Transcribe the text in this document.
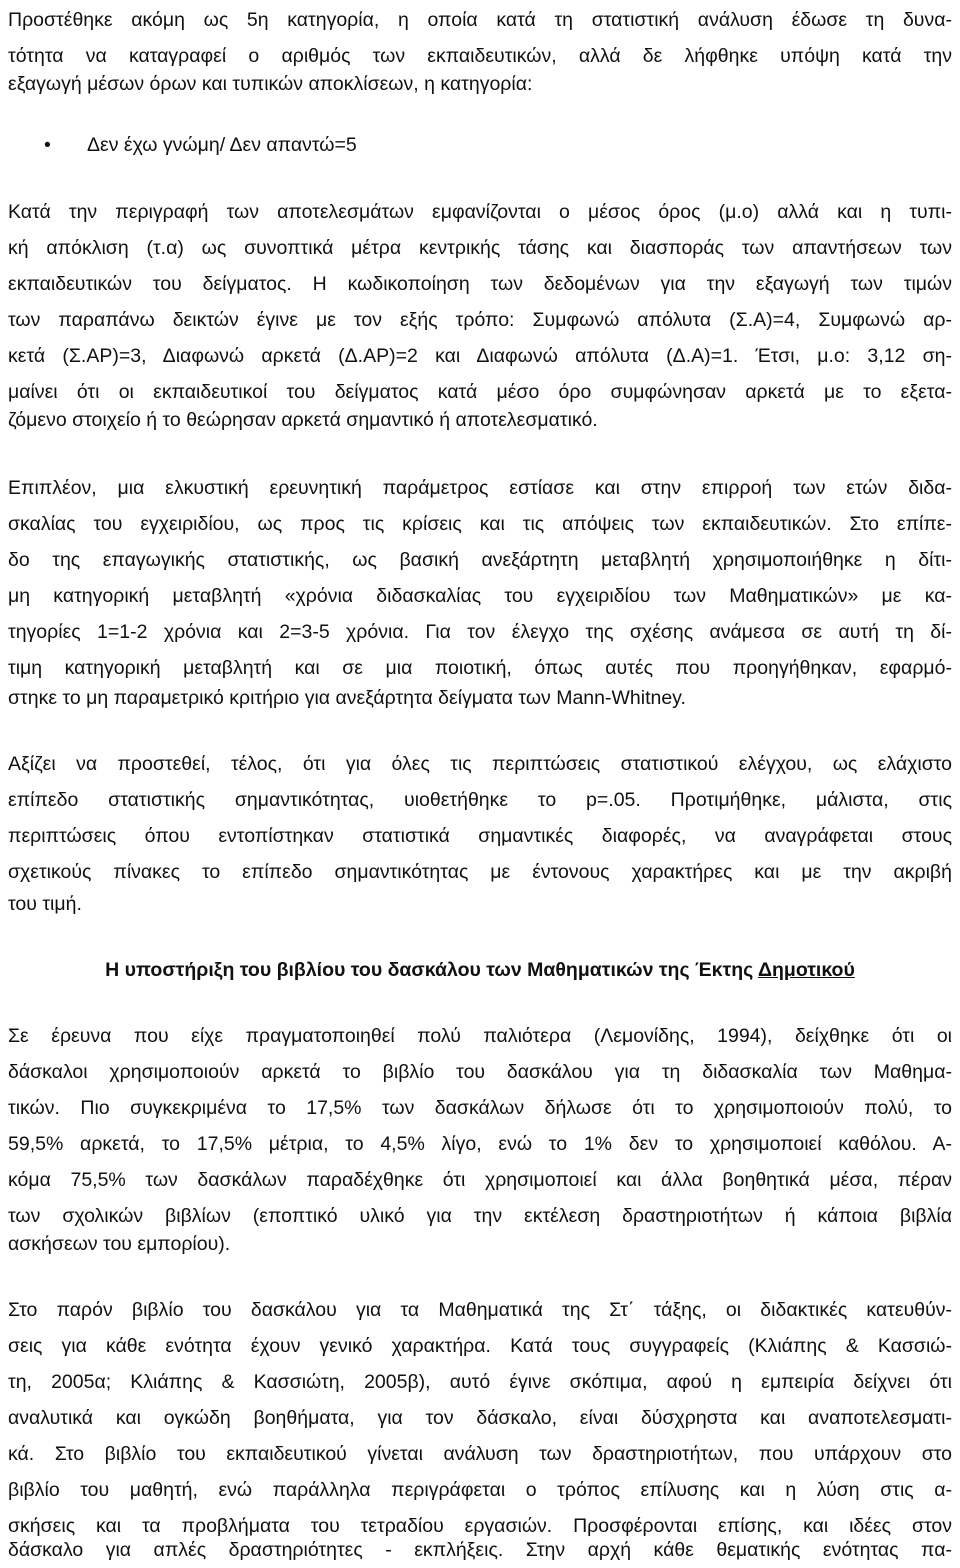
Προστέθηκε ακόμη ως 5η κατηγορία, η οποία κατά τη στατιστική ανάλυση έδωσε τη δυνα-
τότητα να καταγραφεί ο αριθμός των εκπαιδευτικών, αλλά δε λήφθηκε υπόψη κατά την
εξαγωγή μέσων όρων και τυπικών αποκλίσεων, η κατηγορία:
• Δεν έχω γνώμη/ Δεν απαντώ=5
Κατά την περιγραφή των αποτελεσμάτων εμφανίζονται ο μέσος όρος (μ.ο) αλλά και η τυπι-
κή απόκλιση (τ.α) ως συνοπτικά μέτρα κεντρικής τάσης και διασποράς των απαντήσεων των
εκπαιδευτικών του δείγματος. Η κωδικοποίηση των δεδομένων για την εξαγωγή των τιμών
των παραπάνω δεικτών έγινε με τον εξής τρόπο: Συμφωνώ απόλυτα (Σ.Α)=4, Συμφωνώ αρ-
κετά (Σ.ΑΡ)=3, Διαφωνώ αρκετά (Δ.ΑΡ)=2 και Διαφωνώ απόλυτα (Δ.Α)=1. Έτσι, μ.ο: 3,12 ση-
μαίνει ότι οι εκπαιδευτικοί του δείγματος κατά μέσο όρο συμφώνησαν αρκετά με το εξετα-
ζόμενο στοιχείο ή το θεώρησαν αρκετά σημαντικό ή αποτελεσματικό.
Επιπλέον, μια ελκυστική ερευνητική παράμετρος εστίασε και στην επιρροή των ετών διδα-
σκαλίας του εγχειριδίου, ως προς τις κρίσεις και τις απόψεις των εκπαιδευτικών. Στο επίπε-
δο της επαγωγικής στατιστικής, ως βασική ανεξάρτητη μεταβλητή χρησιμοποιήθηκε η δίτι-
μη κατηγορική μεταβλητή «χρόνια διδασκαλίας του εγχειριδίου των Μαθηματικών» με κα-
τηγορίες 1=1-2 χρόνια και 2=3-5 χρόνια. Για τον έλεγχο της σχέσης ανάμεσα σε αυτή τη δί-
τιμη κατηγορική μεταβλητή και σε μια ποιοτική, όπως αυτές που προηγήθηκαν, εφαρμό-
στηκε το μη παραμετρικό κριτήριο για ανεξάρτητα δείγματα των Mann-Whitney.
Αξίζει να προστεθεί, τέλος, ότι για όλες τις περιπτώσεις στατιστικού ελέγχου, ως ελάχιστο
επίπεδο στατιστικής σημαντικότητας, υιοθετήθηκε το p=.05. Προτιμήθηκε, μάλιστα, στις
περιπτώσεις όπου εντοπίστηκαν στατιστικά σημαντικές διαφορές, να αναγράφεται στους
σχετικούς πίνακες το επίπεδο σημαντικότητας με έντονους χαρακτήρες και με την ακριβή
του τιμή.
Η υποστήριξη του βιβλίου του δασκάλου των Μαθηματικών της Έκτης Δημοτικού
Σε έρευνα που είχε πραγματοποιηθεί πολύ παλιότερα (Λεμονίδης, 1994), δείχθηκε ότι οι
δάσκαλοι χρησιμοποιούν αρκετά το βιβλίο του δασκάλου για τη διδασκαλία των Μαθημα-
τικών. Πιο συγκεκριμένα το 17,5% των δασκάλων δήλωσε ότι το χρησιμοποιούν πολύ, το
59,5% αρκετά, το 17,5% μέτρια, το 4,5% λίγο, ενώ το 1% δεν το χρησιμοποιεί καθόλου. Α-
κόμα 75,5% των δασκάλων παραδέχθηκε ότι χρησιμοποιεί και άλλα βοηθητικά μέσα, πέραν
των σχολικών βιβλίων (εποπτικό υλικό για την εκτέλεση δραστηριοτήτων ή κάποια βιβλία
ασκήσεων του εμπορίου).
Στο παρόν βιβλίο του δασκάλου για τα Μαθηματικά της Στ΄ τάξης, οι διδακτικές κατευθύν-
σεις για κάθε ενότητα έχουν γενικό χαρακτήρα. Κατά τους συγγραφείς (Κλιάπης & Κασσιώ-
τη, 2005α; Κλιάπης & Κασσιώτη, 2005β), αυτό έγινε σκόπιμα, αφού η εμπειρία δείχνει ότι
αναλυτικά και ογκώδη βοηθήματα, για τον δάσκαλο, είναι δύσχρηστα και αναποτελεσματι-
κά. Στο βιβλίο του εκπαιδευτικού γίνεται ανάλυση των δραστηριοτήτων, που υπάρχουν στο
βιβλίο του μαθητή, ενώ παράλληλα περιγράφεται ο τρόπος επίλυσης και η λύση στις α-
σκήσεις και τα προβλήματα του τετραδίου εργασιών. Προσφέρονται επίσης, και ιδέες στον
δάσκαλο για απλές δραστηριότητες - εκπλήξεις. Στην αρχή κάθε θεματικής ενότητας πα-
